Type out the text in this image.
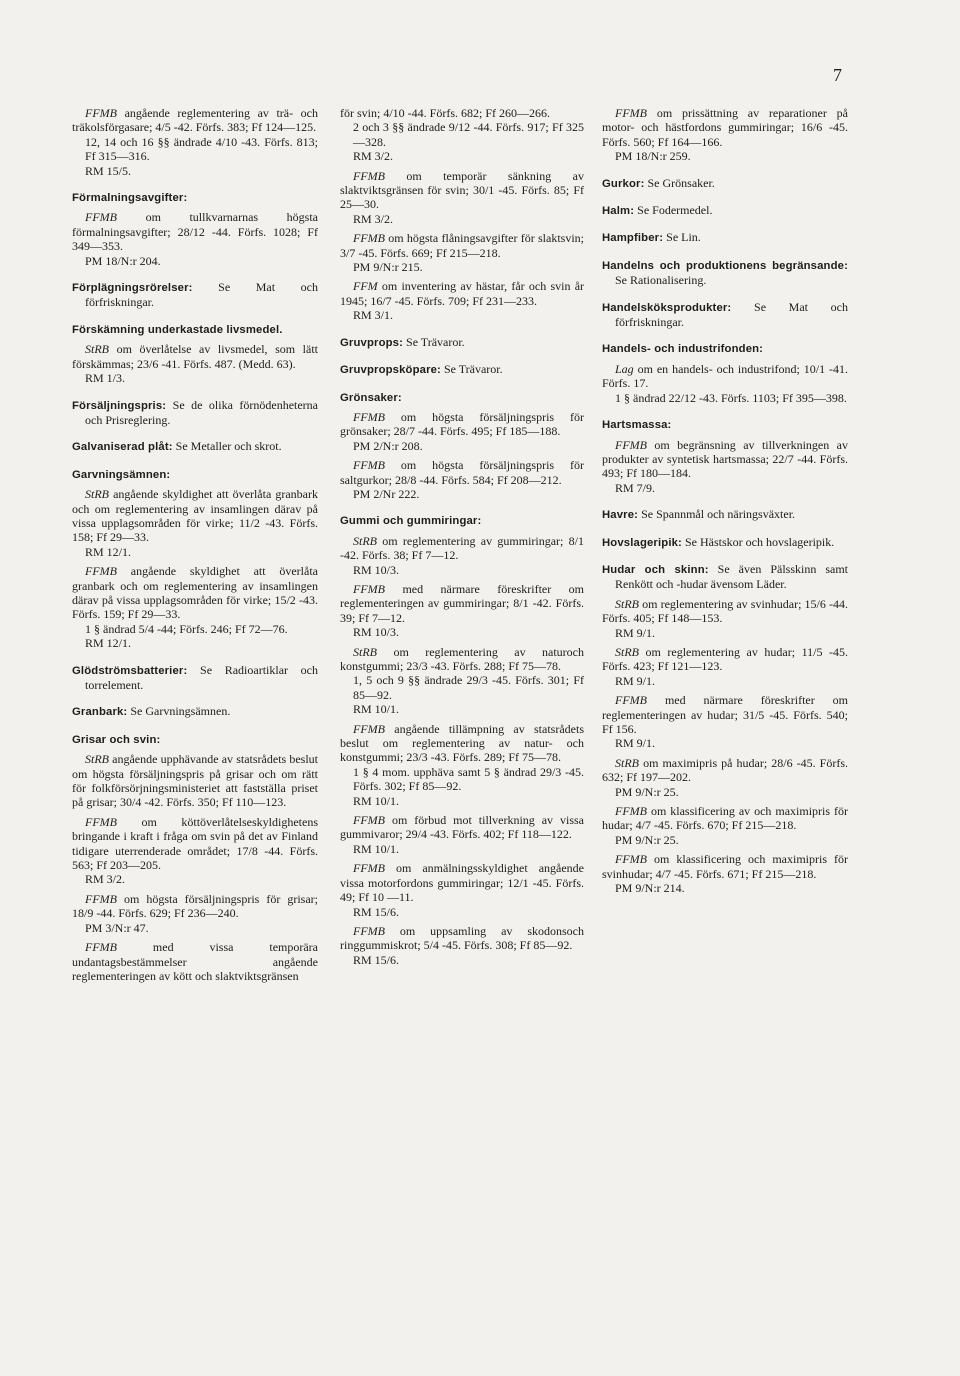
7
FFMB angående reglementering av trä- och träkolsförgasare; 4/5 -42. Förfs. 383; Ff 124—125.
12, 14 och 16 §§ ändrade 4/10 -43. Förfs. 813; Ff 315—316.
RM 15/5.
Förmalningsavgifter:
FFMB om tullkvarnarnas högsta förmalningsavgifter; 28/12 -44. Förfs. 1028; Ff 349—353.
PM 18/N:r 204.
Förplägningsrörelser: Se Mat och förfriskningar.
Förskämning underkastade livsmedel.
StRB om överlåtelse av livsmedel, som lätt förskämmas; 23/6 -41. Förfs. 487. (Medd. 63).
RM 1/3.
Försäljningspris: Se de olika förnödenheterna och Prisreglering.
Galvaniserad plåt: Se Metaller och skrot.
Garvningsämnen:
StRB angående skyldighet att överlåta granbark och om reglementering av insamlingen därav på vissa upplagsområden för virke; 11/2 -43. Förfs. 158; Ff 29—33.
RM 12/1.
FFMB angående skyldighet att överlåta granbark och om reglementering av insamlingen därav på vissa upplagsområden för virke; 15/2 -43. Förfs. 159; Ff 29—33.
1 § ändrad 5/4 -44; Förfs. 246; Ff 72—76.
RM 12/1.
Glödströmsbatterier: Se Radioartiklar och torrelement.
Granbark: Se Garvningsämnen.
Grisar och svin:
StRB angående upphävande av statsrådets beslut om högsta försäljningspris på grisar och om rätt för folkförsörjningsministeriet att fastställa priset på grisar; 30/4 -42. Förfs. 350; Ff 110—123.
FFMB om köttöverlåtelseskyldighetens bringande i kraft i fråga om svin på det av Finland tidigare uterrenderade området; 17/8 -44. Förfs. 563; Ff 203—205.
RM 3/2.
FFMB om högsta försäljningspris för grisar; 18/9 -44. Förfs. 629; Ff 236—240.
PM 3/N:r 47.
FFMB	med vissa temporära undantagsbestämmelser angående reglementeringen av kött och slaktviktsgränsen
för svin; 4/10 -44. Förfs. 682; Ff 260—266.
2 och 3 §§ ändrade 9/12 -44. Förfs. 917; Ff 325—328.
RM 3/2.
FFMB om temporär sänkning av slaktviktsgränsen för svin; 30/1 -45. Förfs. 85; Ff 25—30.
RM 3/2.
FFMB om högsta flåningsavgifter för slaktsvin; 3/7 -45. Förfs. 669; Ff 215—218.
PM 9/N:r 215.
FFM om inventering av hästar, får och svin år 1945; 16/7 -45. Förfs. 709; Ff 231—233.
RM 3/1.
Gruvprops: Se Trävaror.
Gruvpropsköpare: Se Trävaror.
Grönsaker:
FFMB om högsta försäljningspris för grönsaker; 28/7 -44. Förfs. 495; Ff 185—188.
PM 2/N:r 208.
FFMB om högsta försäljningspris för saltgurkor; 28/8 -44. Förfs. 584; Ff 208—212.
PM 2/Nr 222.
Gummi och gummiringar:
StRB om reglementering av gummiringar; 8/1 -42. Förfs. 38; Ff 7—12.
RM 10/3.
FFMB med närmare föreskrifter om reglementeringen av gummiringar; 8/1 -42. Förfs. 39; Ff 7—12.
RM 10/3.
StRB om reglementering av naturoch konstgummi; 23/3 -43. Förfs. 288; Ff 75—78.
1, 5 och 9 §§ ändrade 29/3 -45. Förfs. 301; Ff 85—92.
RM 10/1.
FFMB angående tillämpning av statsrådets beslut om reglementering av natur- och konstgummi; 23/3 -43. Förfs. 289; Ff 75—78.
1 § 4 mom. upphäva samt 5 § ändrad 29/3 -45. Förfs. 302; Ff 85—92.
RM 10/1.
FFMB om förbud mot tillverkning av vissa gummivaror; 29/4 -43. Förfs. 402; Ff 118—122.
RM 10/1.
FFMB om anmälningsskyldighet angående vissa motorfordons gummiringar; 12/1 -45. Förfs. 49; Ff 10 —11.
RM 15/6.
FFMB om uppsamling av skodonsoch ringgummiskrot; 5/4 -45. Förfs. 308; Ff 85—92.
RM 15/6.
FFMB om prissättning av reparationer på motor- och hästfordons gummiringar; 16/6 -45. Förfs. 560; Ff 164—166.
PM 18/N:r 259.
Gurkor: Se Grönsaker.
Halm: Se Fodermedel.
Hampfiber: Se Lin.
Handelns och produktionens begränsande: Se Rationalisering.
Handelsköksprodukter: Se Mat och förfriskningar.
Handels- och industrifonden:
Lag om en handels- och industrifond; 10/1 -41. Förfs. 17.
1 § ändrad 22/12 -43. Förfs. 1103; Ff 395—398.
Hartsmassa:
FFMB om begränsning av tillverkningen av produkter av syntetisk hartsmassa; 22/7 -44. Förfs. 493; Ff 180—184.
RM 7/9.
Havre: Se Spannmål och näringsväxter.
Hovslageripik: Se Hästskor och hovslageripik.
Hudar och skinn: Se även Pälsskinn samt Renkött och -hudar ävensom Läder.
StRB om reglementering av svinhudar; 15/6 -44. Förfs. 405; Ff 148—153.
RM 9/1.
StRB om reglementering av hudar; 11/5 -45. Förfs. 423; Ff 121—123.
RM 9/1.
FFMB med närmare föreskrifter om reglementeringen av hudar; 31/5 -45. Förfs. 540; Ff 156.
RM 9/1.
StRB om maximipris på hudar; 28/6 -45. Förfs. 632; Ff 197—202.
PM 9/N:r 25.
FFMB om klassificering av och maximipris för hudar; 4/7 -45. Förfs. 670; Ff 215—218.
PM 9/N:r 25.
FFMB om klassificering och maximipris för svinhudar; 4/7 -45. Förfs. 671; Ff 215—218.
PM 9/N:r 214.
